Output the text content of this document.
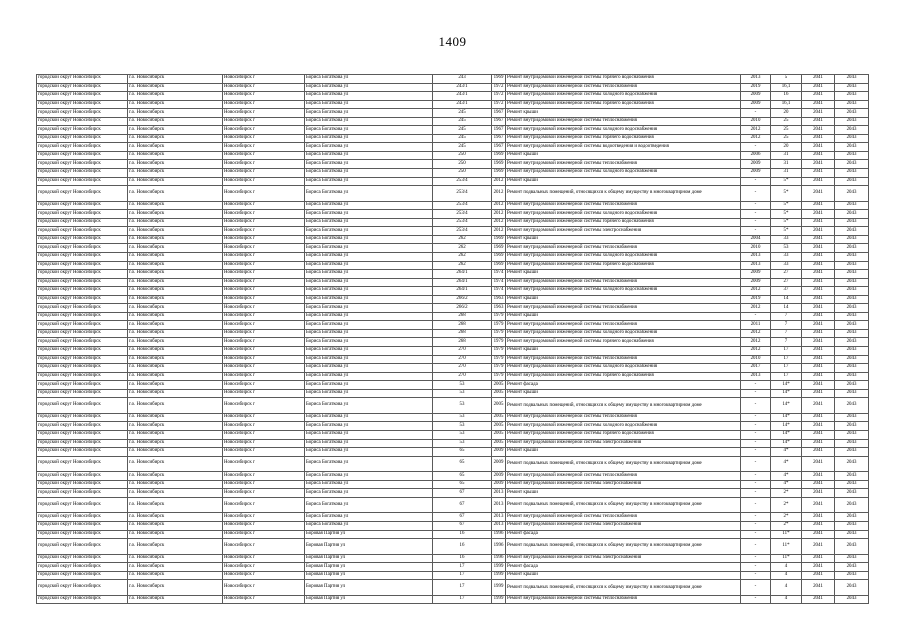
1409
городской округ Новосибирск	г.о. Новосибирск	Новосибирск г	Бориса Богаткова ул	243	1969	Ремонт внутридомовой инженерной системы горячего водоснабжения	2013	5	2041	2043
городской округ Новосибирск	г.о. Новосибирск	Новосибирск г	Бориса Богаткова ул	243/1	1972	Ремонт внутридомовой инженерной системы теплоснабжения	2019	16,1	2041	2043
городской округ Новосибирск	г.о. Новосибирск	Новосибирск г	Бориса Богаткова ул	243/1	1972	Ремонт внутридомовой инженерной системы холодного водоснабжения	2009	16	2041	2043
городской округ Новосибирск	г.о. Новосибирск	Новосибирск г	Бориса Богаткова ул	243/1	1972	Ремонт внутридомовой инженерной системы горячего водоснабжения	2009	16,1	2041	2043
городской округ Новосибирск	г.о. Новосибирск	Новосибирск г	Бориса Богаткова ул	245	1967	Ремонт крыши	-	20	2041	2043
городской округ Новосибирск	г.о. Новосибирск	Новосибирск г	Бориса Богаткова ул	245	1967	Ремонт внутридомовой инженерной системы теплоснабжения	2010	25	2041	2043
городской округ Новосибирск	г.о. Новосибирск	Новосибирск г	Бориса Богаткова ул	245	1967	Ремонт внутридомовой инженерной системы холодного водоснабжения	2012	25	2041	2043
городской округ Новосибирск	г.о. Новосибирск	Новосибирск г	Бориса Богаткова ул	245	1967	Ремонт внутридомовой инженерной системы горячего водоснабжения	2012	25	2041	2043
городской округ Новосибирск	г.о. Новосибирск	Новосибирск г	Бориса Богаткова ул	245	1967	Ремонт внутридомовой инженерной системы водоотведения и водоотведения	-	20	2041	2043
городской округ Новосибирск	г.о. Новосибирск	Новосибирск г	Бориса Богаткова ул	250	1969	Ремонт крыши	2006	31	2041	2043
городской округ Новосибирск	г.о. Новосибирск	Новосибирск г	Бориса Богаткова ул	250	1969	Ремонт внутридомовой инженерной системы теплоснабжения	2009	31	2041	2043
городской округ Новосибирск	г.о. Новосибирск	Новосибирск г	Бориса Богаткова ул	250	1969	Ремонт внутридомовой инженерной системы холодного водоснабжения	2009	31	2041	2043
городской округ Новосибирск	г.о. Новосибирск	Новосибирск г	Бориса Богаткова ул	253/4	2012	Ремонт крыши	-	5*	2041	2043
городской округ Новосибирск	г.о. Новосибирск	Новосибирск г	Бориса Богаткова ул	253/4	2012	Ремонт подвальных помещений, относящихся к общему имуществу в многоквартирном доме	-	5*	2041	2043
городской округ Новосибирск	г.о. Новосибирск	Новосибирск г	Бориса Богаткова ул	253/4	2012	Ремонт внутридомовой инженерной системы теплоснабжения	-	5*	2041	2043
городской округ Новосибирск	г.о. Новосибирск	Новосибирск г	Бориса Богаткова ул	253/4	2012	Ремонт внутридомовой инженерной системы холодного водоснабжения	-	5*	2041	2043
городской округ Новосибирск	г.о. Новосибирск	Новосибирск г	Бориса Богаткова ул	253/4	2012	Ремонт внутридомовой инженерной системы горячего водоснабжения	-	5*	2041	2043
городской округ Новосибирск	г.о. Новосибирск	Новосибирск г	Бориса Богаткова ул	253/4	2012	Ремонт внутридомовой инженерной системы электроснабжения	-	5*	2041	2043
городской округ Новосибирск	г.о. Новосибирск	Новосибирск г	Бориса Богаткова ул	262	1969	Ремонт крыши	2004	33	2041	2043
городской округ Новосибирск	г.о. Новосибирск	Новосибирск г	Бориса Богаткова ул	262	1969	Ремонт внутридомовой инженерной системы теплоснабжения	2010	53	2041	2043
городской округ Новосибирск	г.о. Новосибирск	Новосибирск г	Бориса Богаткова ул	262	1969	Ремонт внутридомовой инженерной системы холодного водоснабжения	2013	33	2041	2043
городской округ Новосибирск	г.о. Новосибирск	Новосибирск г	Бориса Богаткова ул	262	1969	Ремонт внутридомовой инженерной системы горячего водоснабжения	2013	33	2041	2043
городской округ Новосибирск	г.о. Новосибирск	Новосибирск г	Бориса Богаткова ул	264/1	1974	Ремонт крыши	2009	27	2041	2043
городской округ Новосибирск	г.о. Новосибирск	Новосибирск г	Бориса Богаткова ул	264/1	1974	Ремонт внутридомовой инженерной системы теплоснабжения	2009	27	2041	2043
городской округ Новосибирск	г.о. Новосибирск	Новосибирск г	Бориса Богаткова ул	264/1	1974	Ремонт внутридомовой инженерной системы холодного водоснабжения	2012	37	2041	2043
городской округ Новосибирск	г.о. Новосибирск	Новосибирск г	Бориса Богаткова ул	266/2	1963	Ремонт крыши	2019	14	2041	2043
городской округ Новосибирск	г.о. Новосибирск	Новосибирск г	Бориса Богаткова ул	266/2	1963	Ремонт внутридомовой инженерной системы теплоснабжения	2012	14	2041	2043
городской округ Новосибирск	г.о. Новосибирск	Новосибирск г	Бориса Богаткова ул	268	1979	Ремонт крыши	-	7	2041	2043
городской округ Новосибирск	г.о. Новосибирск	Новосибирск г	Бориса Богаткова ул	268	1979	Ремонт внутридомовой инженерной системы теплоснабжения	2011	7	2041	2043
городской округ Новосибирск	г.о. Новосибирск	Новосибирск г	Бориса Богаткова ул	268	1979	Ремонт внутридомовой инженерной системы холодного водоснабжения	2012	7	2041	2043
городской округ Новосибирск	г.о. Новосибирск	Новосибирск г	Бориса Богаткова ул	268	1979	Ремонт внутридомовой инженерной системы горячего водоснабжения	2012	7	2041	2043
городской округ Новосибирск	г.о. Новосибирск	Новосибирск г	Бориса Богаткова ул	270	1979	Ремонт крыши	2012	17	2041	2043
городской округ Новосибирск	г.о. Новосибирск	Новосибирск г	Бориса Богаткова ул	270	1979	Ремонт внутридомовой инженерной системы теплоснабжения	2010	17	2041	2043
городской округ Новосибирск	г.о. Новосибирск	Новосибирск г	Бориса Богаткова ул	270	1979	Ремонт внутридомовой инженерной системы холодного водоснабжения	2017	17	2041	2043
городской округ Новосибирск	г.о. Новосибирск	Новосибирск г	Бориса Богаткова ул	270	1979	Ремонт внутридомовой инженерной системы горячего водоснабжения	2013	17	2041	2043
городской округ Новосибирск	г.о. Новосибирск	Новосибирск г	Бориса Богаткова ул	53	2005	Ремонт фасада	-	14*	2041	2043
городской округ Новосибирск	г.о. Новосибирск	Новосибирск г	Бориса Богаткова ул	53	2005	Ремонт крыши	-	14*	2041	2043
городской округ Новосибирск	г.о. Новосибирск	Новосибирск г	Бориса Богаткова ул	53	2005	Ремонт подвальных помещений, относящихся к общему имуществу в многоквартирном доме	-	14*	2041	2043
городской округ Новосибирск	г.о. Новосибирск	Новосибирск г	Бориса Богаткова ул	53	2005	Ремонт внутридомовой инженерной системы теплоснабжения	-	14*	2041	2043
городской округ Новосибирск	г.о. Новосибирск	Новосибирск г	Бориса Богаткова ул	53	2005	Ремонт внутридомовой инженерной системы холодного водоснабжения	-	14*	2041	2043
городской округ Новосибирск	г.о. Новосибирск	Новосибирск г	Бориса Богаткова ул	53	2005	Ремонт внутридомовой инженерной системы горячего водоснабжения	-	14*	2041	2043
городской округ Новосибирск	г.о. Новосибирск	Новосибирск г	Бориса Богаткова ул	53	2005	Ремонт внутридомовой инженерной системы электроснабжения	-	14*	2041	2043
городской округ Новосибирск	г.о. Новосибирск	Новосибирск г	Бориса Богаткова ул	65	2009	Ремонт крыши	-	4*	2041	2043
городской округ Новосибирск	г.о. Новосибирск	Новосибирск г	Бориса Богаткова ул	65	2009	Ремонт подвальных помещений, относящихся к общему имуществу в многоквартирном доме	-	4*	2041	2043
городской округ Новосибирск	г.о. Новосибирск	Новосибирск г	Бориса Богаткова ул	65	2009	Ремонт внутридомовой инженерной системы теплоснабжения	-	4*	2041	2043
городской округ Новосибирск	г.о. Новосибирск	Новосибирск г	Бориса Богаткова ул	65	2009	Ремонт внутридомовой инженерной системы электроснабжения	-	4*	2041	2043
городской округ Новосибирск	г.о. Новосибирск	Новосибирск г	Бориса Богаткова ул	67	2013	Ремонт крыши	-	2*	2041	2043
городской округ Новосибирск	г.о. Новосибирск	Новосибирск г	Бориса Богаткова ул	67	2013	Ремонт подвальных помещений, относящихся к общему имуществу в многоквартирном доме	-	2*	2041	2043
городской округ Новосибирск	г.о. Новосибирск	Новосибирск г	Бориса Богаткова ул	67	2013	Ремонт внутридомовой инженерной системы теплоснабжения	-	2*	2041	2043
городской округ Новосибирск	г.о. Новосибирск	Новосибирск г	Бориса Богаткова ул	67	2013	Ремонт внутридомовой инженерной системы электроснабжения	-	2*	2041	2043
городской округ Новосибирск	г.о. Новосибирск	Новосибирск г	Боровая Партия ул	16	1996	Ремонт фасада	-	11*	2041	2043
городской округ Новосибирск	г.о. Новосибирск	Новосибирск г	Боровая Партия ул	16	1996	Ремонт подвальных помещений, относящихся к общему имуществу в многоквартирном доме	-	11*	2041	2043
городской округ Новосибирск	г.о. Новосибирск	Новосибирск г	Боровая Партия ул	16	1996	Ремонт внутридомовой инженерной системы электроснабжения	-	11*	2041	2043
городской округ Новосибирск	г.о. Новосибирск	Новосибирск г	Боровая Партия ул	17	1999	Ремонт фасада	-	4	2041	2043
городской округ Новосибирск	г.о. Новосибирск	Новосибирск г	Боровая Партия ул	17	1999	Ремонт крыши	-	4	2041	2043
городской округ Новосибирск	г.о. Новосибирск	Новосибирск г	Боровая Партия ул	17	1999	Ремонт подвальных помещений, относящихся к общему имуществу в многоквартирном доме	-	4	2041	2043
городской округ Новосибирск	г.о. Новосибирск	Новосибирск г	Боровая Партия ул	17	1999	Ремонт внутридомовой инженерной системы теплоснабжения	-	4	2041	2043
